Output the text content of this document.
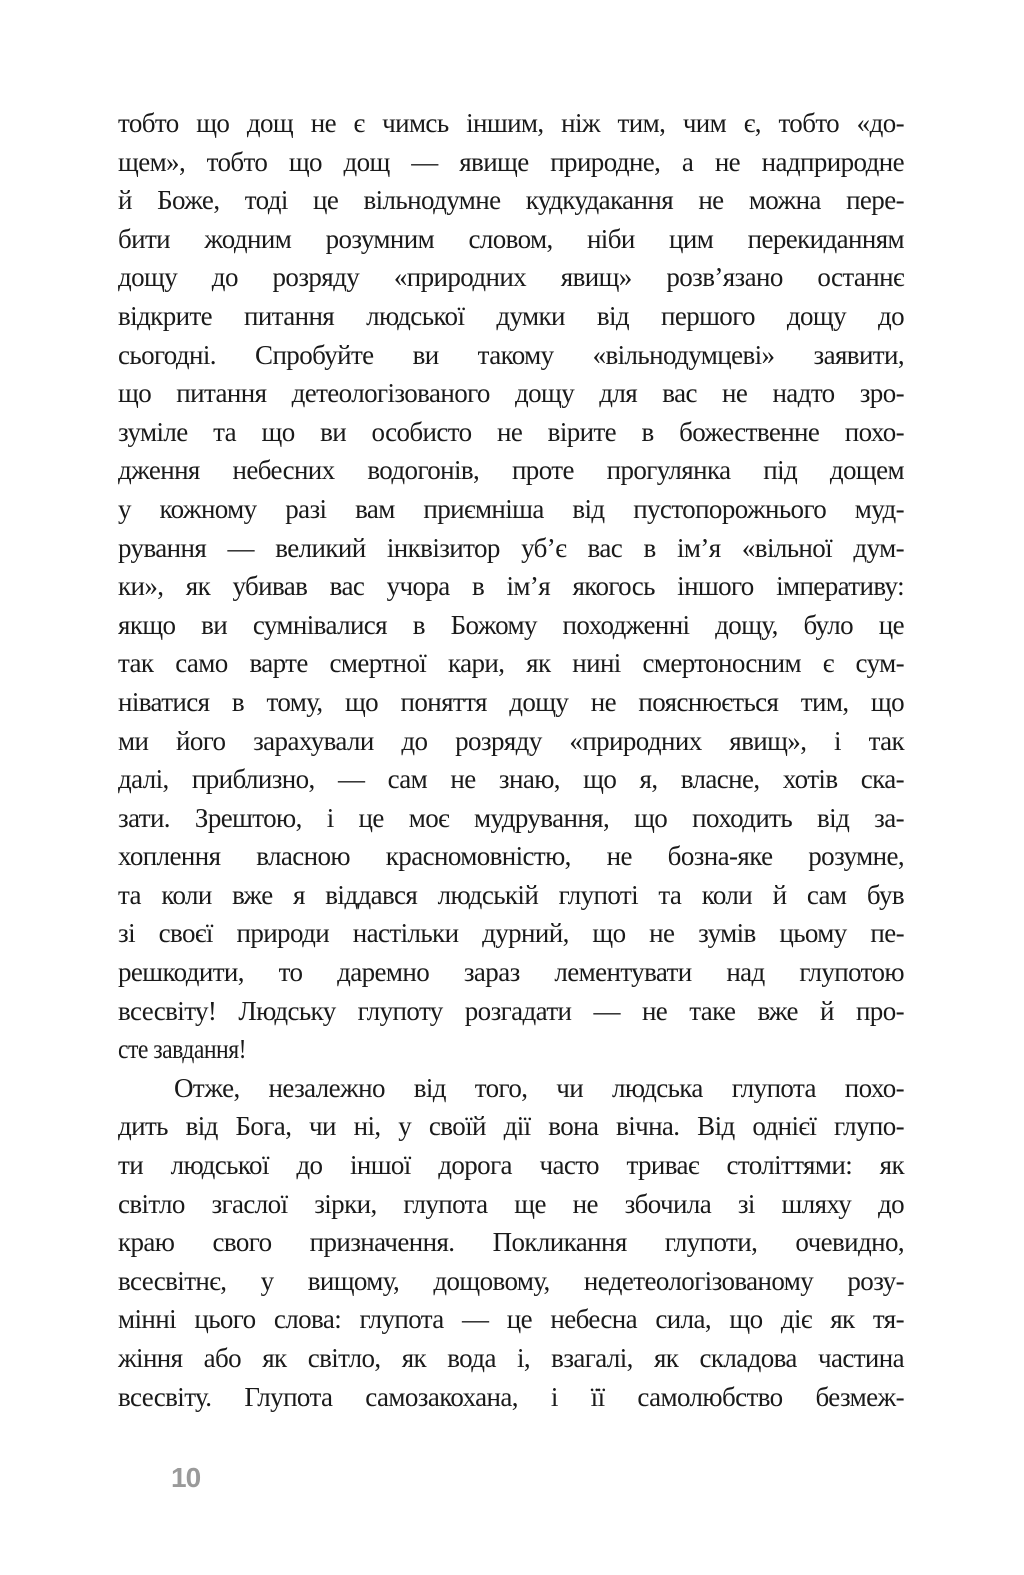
тобто що дощ не є чимсь іншим, ніж тим, чим є, тобто «до-
щем», тобто що дощ — явище природне, а не надприродне
й Боже, тоді це вільнодумне кудкудакання не можна пере-
бити жодним розумним словом, ніби цим перекиданням
дощу до розряду «природних явищ» розв’язано останнє
відкрите питання людської думки від першого дощу до
сьогодні. Спробуйте ви такому «вільнодумцеві» заявити,
що питання детеологізованого дощу для вас не надто зро-
зуміле та що ви особисто не вірите в божественне похо-
дження небесних водогонів, проте прогулянка під дощем
у кожному разі вам приємніша від пустопорожнього муд-
рування — великий інквізитор уб’є вас в ім’я «вільної дум-
ки», як убивав вас учора в ім’я якогось іншого імперативу:
якщо ви сумнівалися в Божому походженні дощу, було це
так само варте смертної кари, як нині смертоносним є сум-
ніватися в тому, що поняття дощу не пояснюється тим, що
ми його зарахували до розряду «природних явищ», і так
далі, приблизно, — сам не знаю, що я, власне, хотів ска-
зати. Зрештою, і це моє мудрування, що походить від за-
хоплення власною красномовністю, не бозна-яке розумне,
та коли вже я віддався людській глупоті та коли й сам був
зі своєї природи настільки дурний, що не зумів цьому пе-
решкодити, то даремно зараз лементувати над глупотою
всесвіту! Людську глупоту розгадати — не таке вже й про-
сте завдання!
Отже, незалежно від того, чи людська глупота похо-
дить від Бога, чи ні, у своїй дії вона вічна. Від однієї глупо-
ти людської до іншої дорога часто триває століттями: як
світло згаслої зірки, глупота ще не збочила зі шляху до
краю свого призначення. Покликання глупоти, очевидно,
всесвітнє, у вищому, дощовому, недетеологізованому розу-
мінні цього слова: глупота — це небесна сила, що діє як тя-
жіння або як світло, як вода і, взагалі, як складова частина
всесвіту. Глупота самозакохана, і її самолюбство безмеж-
10
